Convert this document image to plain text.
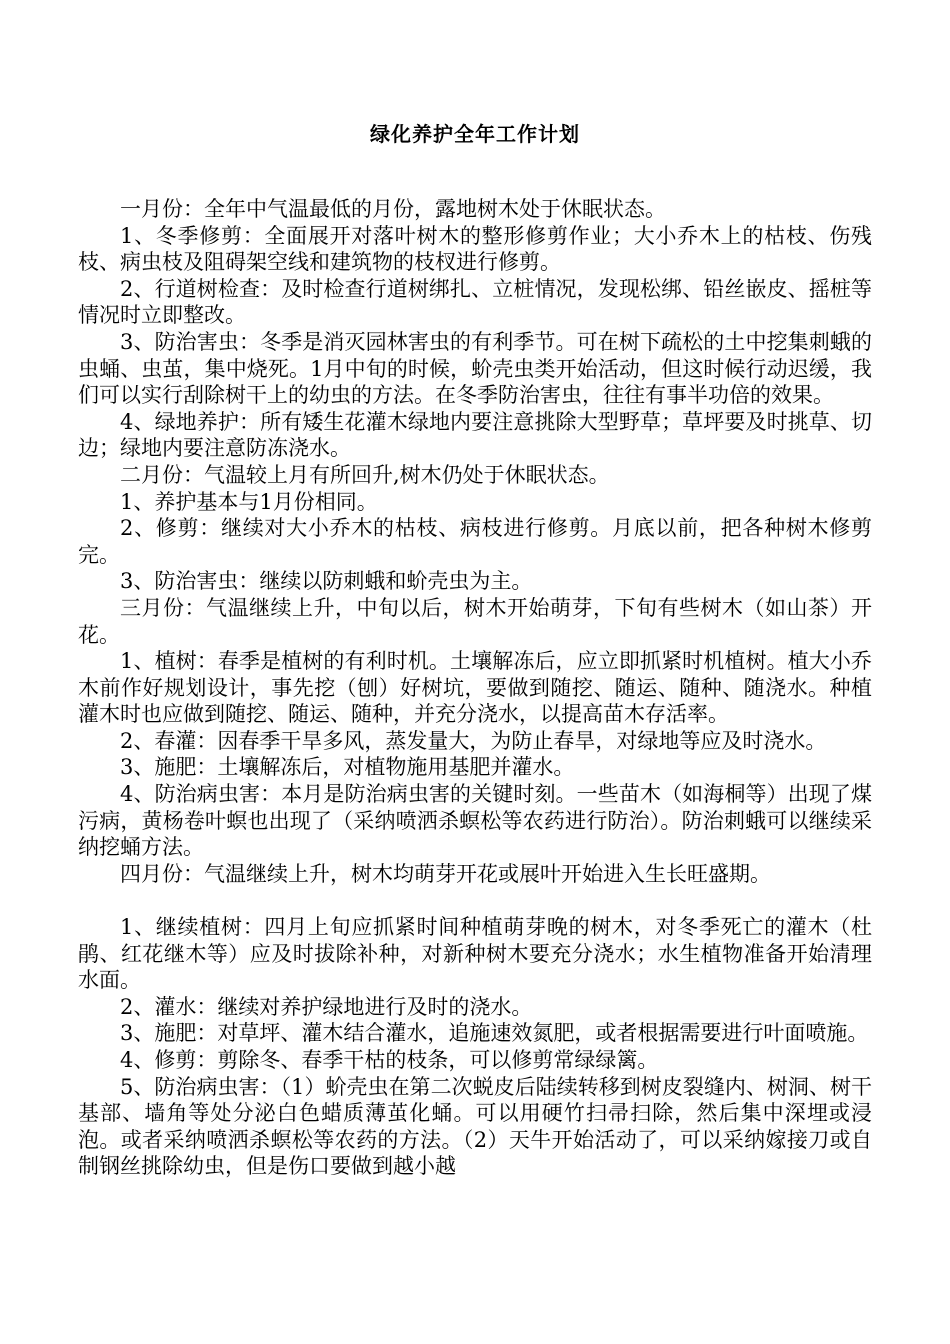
绿化养护全年工作计划

一月份：全年中气温最低的月份，露地树木处于休眠状态。

1、冬季修剪：全面展开对落叶树木的整形修剪作业；大小乔木上的枯枝、伤残枝、病虫枝及阻碍架空线和建筑物的枝杈进行修剪。

2、行道树检查：及时检查行道树绑扎、立桩情况，发现松绑、铅丝嵌皮、摇桩等情况时立即整改。

3、防治害虫：冬季是消灭园林害虫的有利季节。可在树下疏松的土中挖集刺蛾的虫蛹、虫茧，集中烧死。1月中旬的时候，蚧壳虫类开始活动，但这时候行动迟缓，我们可以实行刮除树干上的幼虫的方法。在冬季防治害虫，往往有事半功倍的效果。

4、绿地养护：所有矮生花灌木绿地内要注意挑除大型野草；草坪要及时挑草、切边；绿地内要注意防冻浇水。

二月份：气温较上月有所回升,树木仍处于休眠状态。

1、养护基本与1月份相同。

2、修剪：继续对大小乔木的枯枝、病枝进行修剪。月底以前，把各种树木修剪完。

3、防治害虫：继续以防刺蛾和蚧壳虫为主。

三月份：气温继续上升，中旬以后，树木开始萌芽，下旬有些树木（如山茶）开花。

1、植树：春季是植树的有利时机。土壤解冻后，应立即抓紧时机植树。植大小乔木前作好规划设计，事先挖（刨）好树坑，要做到随挖、随运、随种、随浇水。种植灌木时也应做到随挖、随运、随种，并充分浇水，以提高苗木存活率。

2、春灌：因春季干旱多风，蒸发量大，为防止春旱，对绿地等应及时浇水。

3、施肥：土壤解冻后，对植物施用基肥并灌水。

4、防治病虫害：本月是防治病虫害的关键时刻。一些苗木（如海桐等）出现了煤污病，黄杨卷叶螟也出现了（采纳喷洒杀螟松等农药进行防治）。防治刺蛾可以继续采纳挖蛹方法。

四月份：气温继续上升，树木均萌芽开花或展叶开始进入生长旺盛期。

1、继续植树：四月上旬应抓紧时间种植萌芽晚的树木，对冬季死亡的灌木（杜鹃、红花继木等）应及时拔除补种，对新种树木要充分浇水；水生植物准备开始清理水面。

2、灌水：继续对养护绿地进行及时的浇水。

3、施肥：对草坪、灌木结合灌水，追施速效氮肥，或者根据需要进行叶面喷施。

4、修剪：剪除冬、春季干枯的枝条，可以修剪常绿绿篱。

5、防治病虫害：（1）蚧壳虫在第二次蜕皮后陆续转移到树皮裂缝内、树洞、树干基部、墙角等处分泌白色蜡质薄茧化蛹。可以用硬竹扫帚扫除，然后集中深埋或浸泡。或者采纳喷洒杀螟松等农药的方法。（2）天牛开始活动了，可以采纳嫁接刀或自制钢丝挑除幼虫，但是伤口要做到越小越
